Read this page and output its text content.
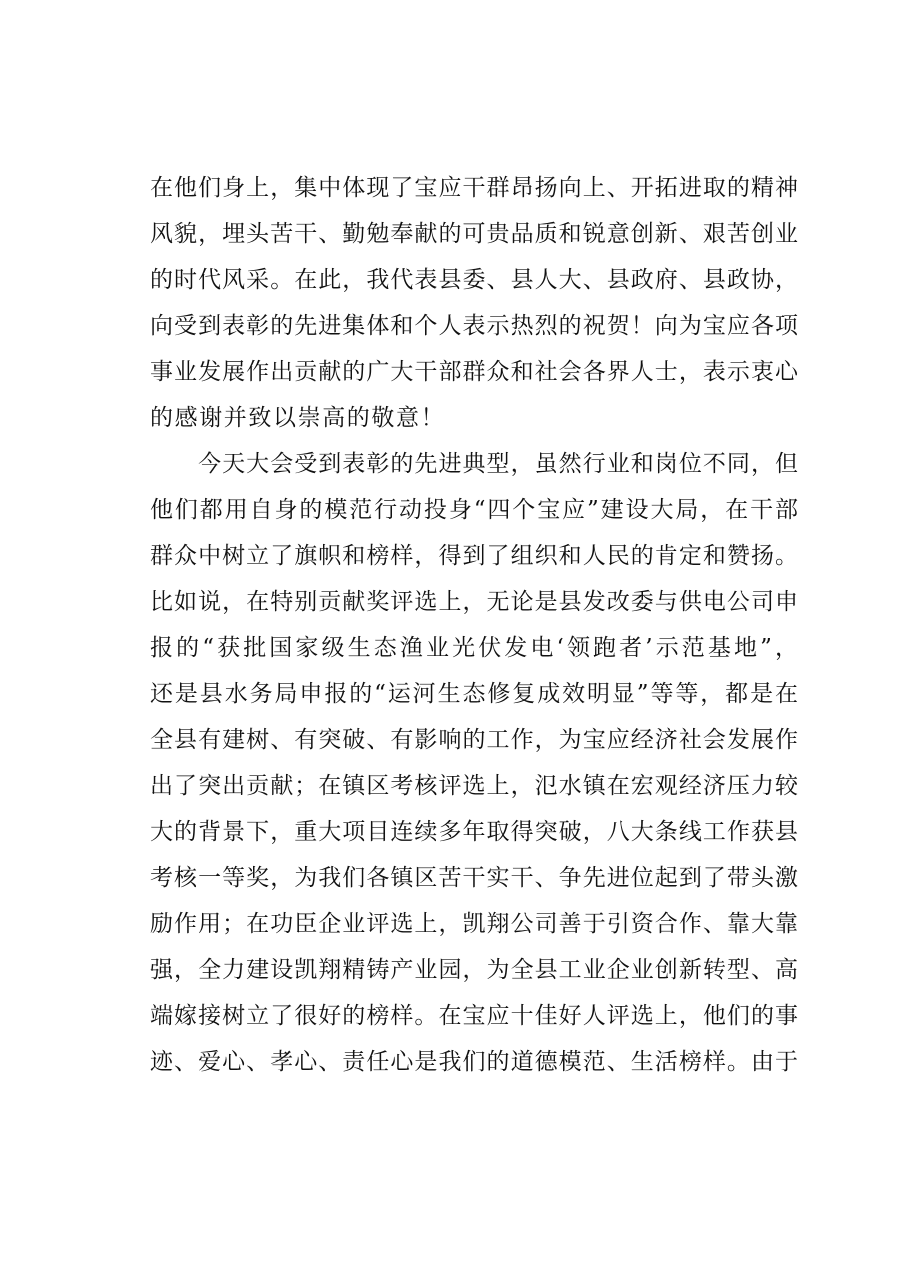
在他们身上，集中体现了宝应干群昂扬向上、开拓进取的精神
风貌，埋头苦干、勤勉奉献的可贵品质和锐意创新、艰苦创业
的时代风采。在此，我代表县委、县人大、县政府、县政协，
向受到表彰的先进集体和个人表示热烈的祝贺！向为宝应各项
事业发展作出贡献的广大干部群众和社会各界人士，表示衷心
的感谢并致以崇高的敬意！
　　今天大会受到表彰的先进典型，虽然行业和岗位不同，但
他们都用自身的模范行动投身“四个宝应”建设大局，在干部
群众中树立了旗帜和榜样，得到了组织和人民的肯定和赞扬。
比如说，在特别贡献奖评选上，无论是县发改委与供电公司申
报的“获批国家级生态渔业光伏发电‘领跑者’示范基地”，
还是县水务局申报的“运河生态修复成效明显”等等，都是在
全县有建树、有突破、有影响的工作，为宝应经济社会发展作
出了突出贡献；在镇区考核评选上，氾水镇在宏观经济压力较
大的背景下，重大项目连续多年取得突破，八大条线工作获县
考核一等奖，为我们各镇区苦干实干、争先进位起到了带头激
励作用；在功臣企业评选上，凯翔公司善于引资合作、靠大靠
强，全力建设凯翔精铸产业园，为全县工业企业创新转型、高
端嫁接树立了很好的榜样。在宝应十佳好人评选上，他们的事
迹、爱心、孝心、责任心是我们的道德模范、生活榜样。由于
